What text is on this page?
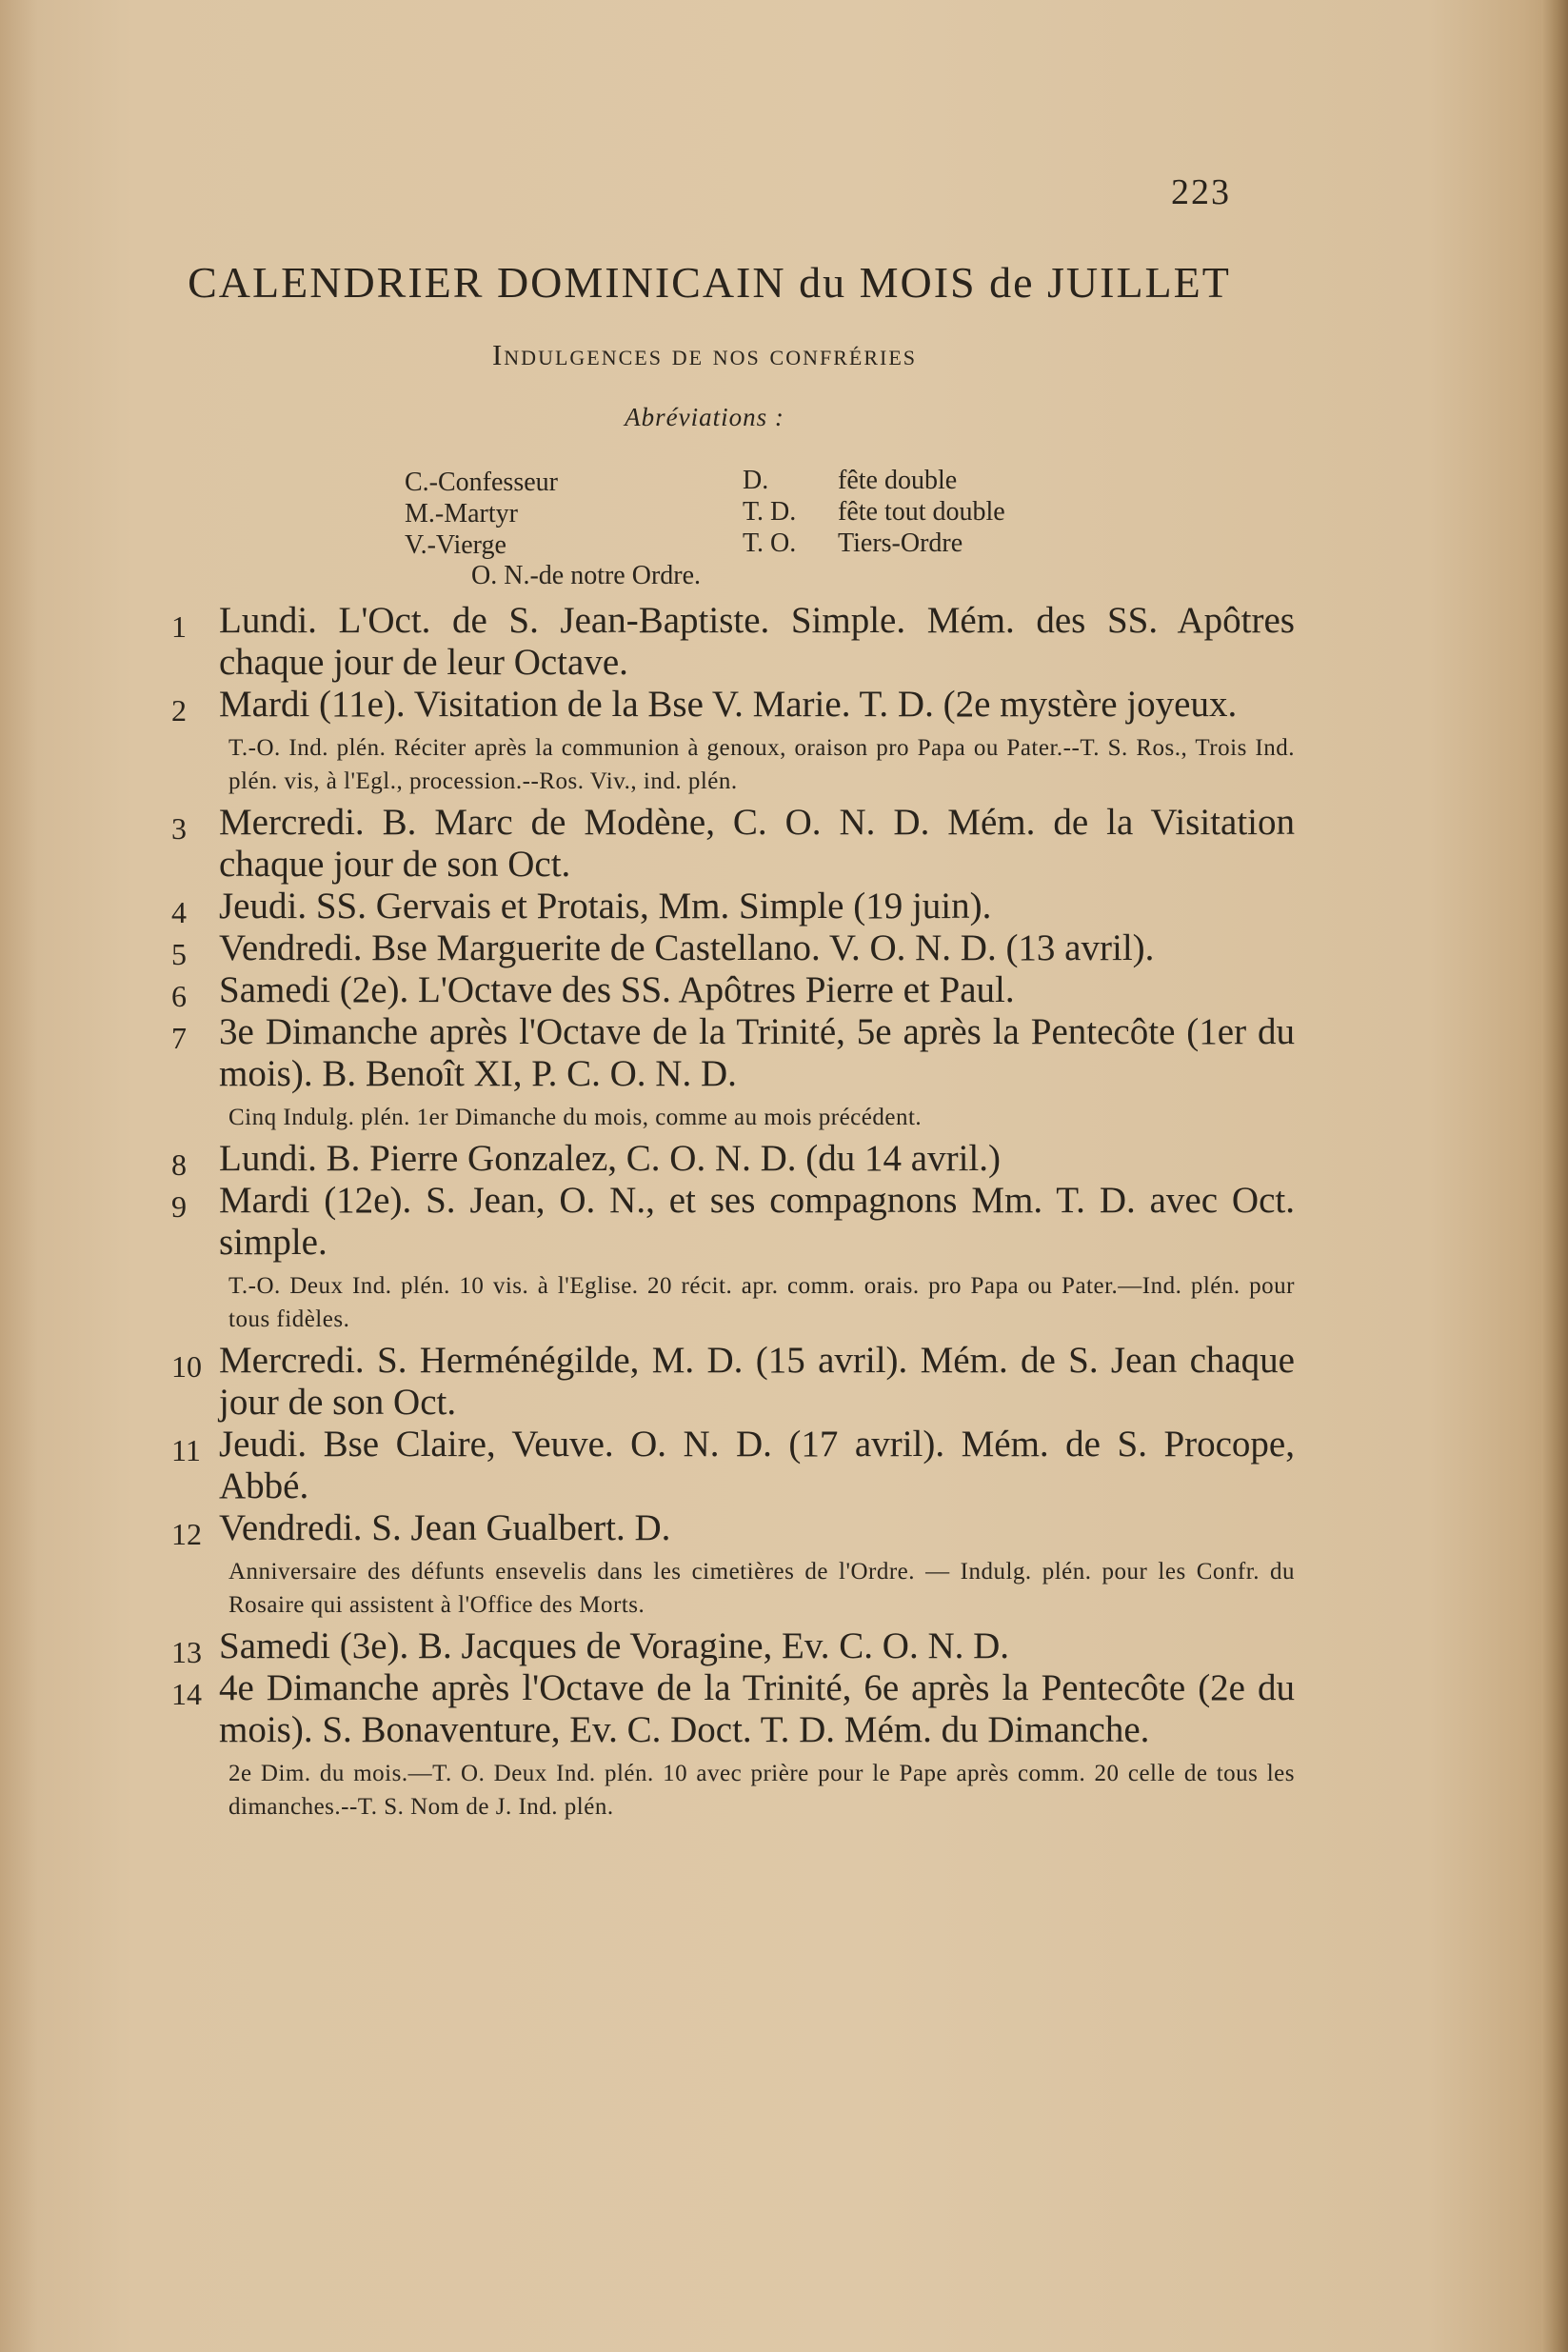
223
CALENDRIER DOMINICAIN du MOIS de JUILLET
Indulgences de nos confréries
Abréviations :
C.-Confesseur
M.-Martyr
V.-Vierge
D.	fête double
T. D. fête tout double
T. O. Tiers-Ordre
O. N.-de notre Ordre.
1 Lundi. L'Oct. de S. Jean-Baptiste. Simple. Mém. des SS. Apôtres chaque jour de leur Octave.
2 Mardi (11e). Visitation de la Bse V. Marie. T. D. (2e mystère joyeux.
T.-O. Ind. plén. Réciter après la communion à genoux, oraison pro Papa ou Pater.--T. S. Ros., Trois Ind. plén. vis, à l'Egl., procession.--Ros. Viv., ind. plén.
3 Mercredi. B. Marc de Modène, C. O. N. D. Mém. de la Visitation chaque jour de son Oct.
4 Jeudi. SS. Gervais et Protais, Mm. Simple (19 juin).
5 Vendredi. Bse Marguerite de Castellano. V. O. N. D. (13 avril).
6 Samedi (2e). L'Octave des SS. Apôtres Pierre et Paul.
7 3e Dimanche après l'Octave de la Trinité, 5e après la Pentecôte (1er du mois). B. Benoît XI, P. C. O. N. D.
Cinq Indulg. plén. 1er Dimanche du mois, comme au mois précédent.
8 Lundi. B. Pierre Gonzalez, C. O. N. D. (du 14 avril.)
9 Mardi (12e). S. Jean, O. N., et ses compagnons Mm. T. D. avec Oct. simple.
T.-O. Deux Ind. plén. 10 vis. à l'Eglise. 20 récit. apr. comm. orais. pro Papa ou Pater.—Ind. plén. pour tous fidèles.
10 Mercredi. S. Herménégilde, M. D. (15 avril). Mém. de S. Jean chaque jour de son Oct.
11 Jeudi. Bse Claire, Veuve. O. N. D. (17 avril). Mém. de S. Procope, Abbé.
12 Vendredi. S. Jean Gualbert. D.
Anniversaire des défunts ensevelis dans les cimetières de l'Ordre. — Indulg. plén. pour les Confr. du Rosaire qui assistent à l'Office des Morts.
13 Samedi (3e). B. Jacques de Voragine, Ev. C. O. N. D.
14 4e Dimanche après l'Octave de la Trinité, 6e après la Pentecôte (2e du mois). S. Bonaventure, Ev. C. Doct. T. D. Mém. du Dimanche.
2e Dim. du mois.—T. O. Deux Ind. plén. 10 avec prière pour le Pape après comm. 20 celle de tous les dimanches.--T. S. Nom de J. Ind. plén.
